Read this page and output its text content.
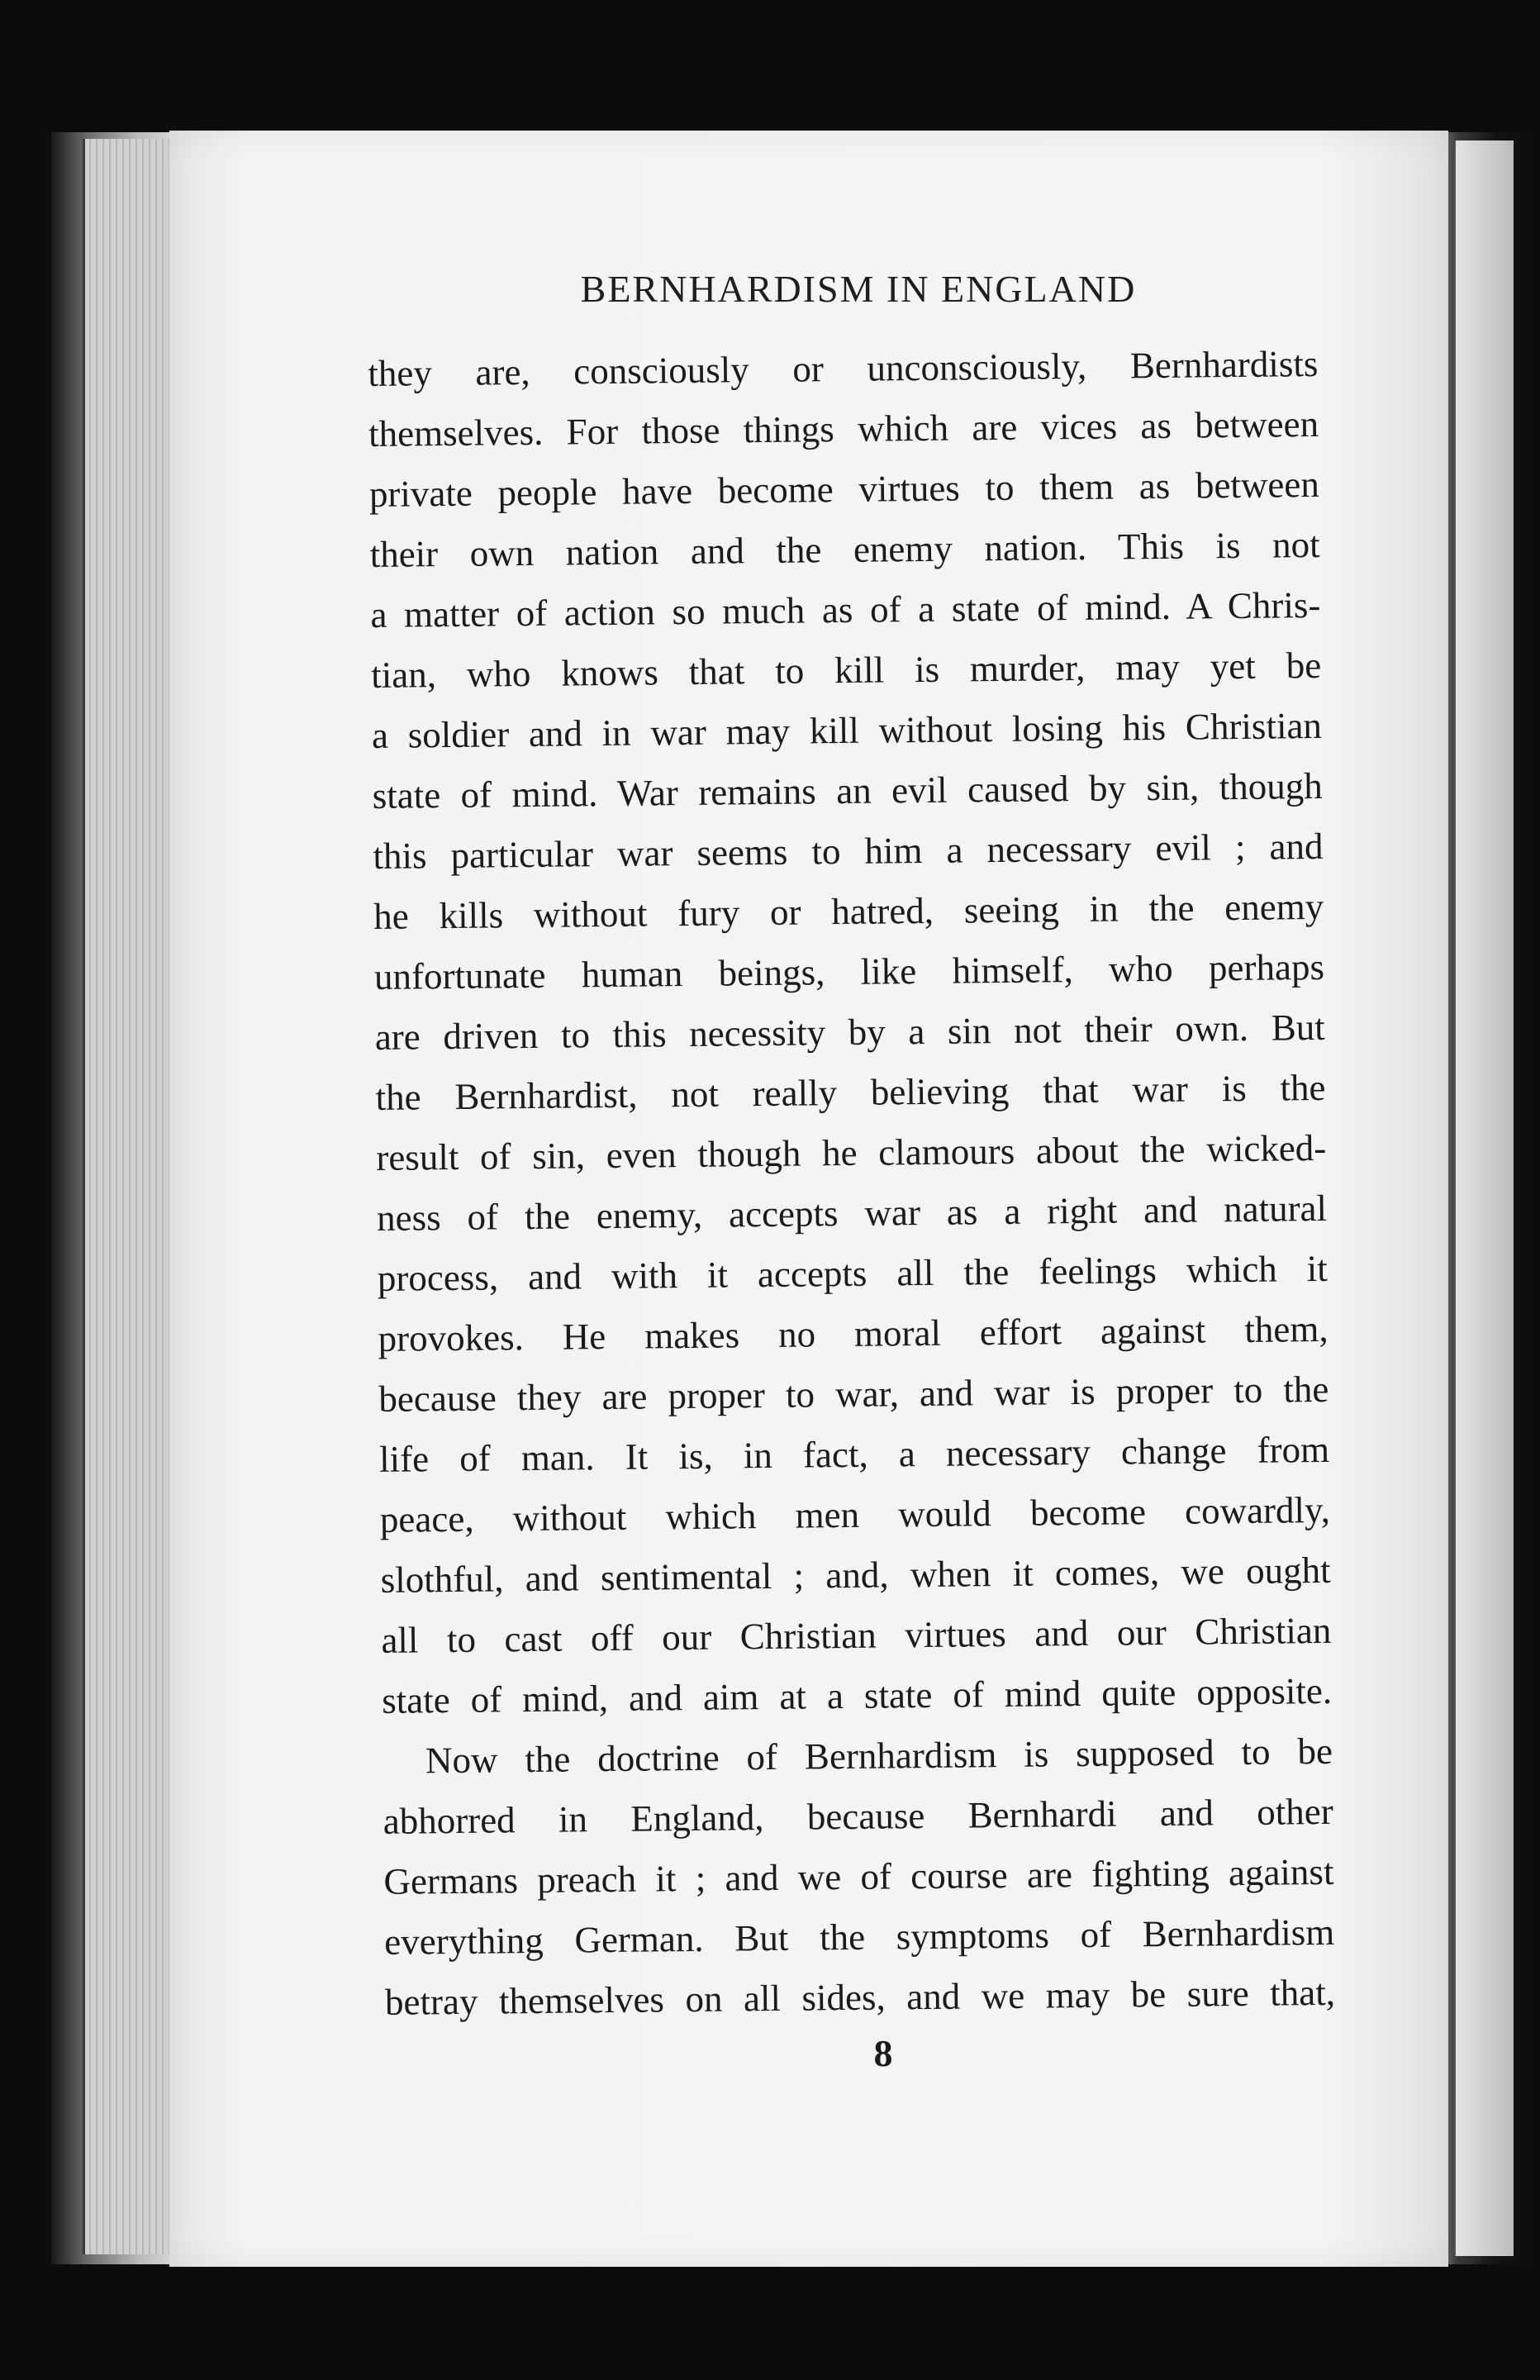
BERNHARDISM IN ENGLAND

they are, consciously or unconsciously, Bernhardists
themselves. For those things which are vices as between
private people have become virtues to them as between
their own nation and the enemy nation. This is not
a matter of action so much as of a state of mind. A Chris-
tian, who knows that to kill is murder, may yet be
a soldier and in war may kill without losing his Christian
state of mind. War remains an evil caused by sin, though
this particular war seems to him a necessary evil ; and
he kills without fury or hatred, seeing in the enemy
unfortunate human beings, like himself, who perhaps
are driven to this necessity by a sin not their own. But
the Bernhardist, not really believing that war is the
result of sin, even though he clamours about the wicked-
ness of the enemy, accepts war as a right and natural
process, and with it accepts all the feelings which it
provokes. He makes no moral effort against them,
because they are proper to war, and war is proper to the
life of man. It is, in fact, a necessary change from
peace, without which men would become cowardly,
slothful, and sentimental ; and, when it comes, we ought
all to cast off our Christian virtues and our Christian
state of mind, and aim at a state of mind quite opposite.

Now the doctrine of Bernhardism is supposed to be
abhorred in England, because Bernhardi and other
Germans preach it ; and we of course are fighting against
everything German. But the symptoms of Bernhardism
betray themselves on all sides, and we may be sure that,

8
